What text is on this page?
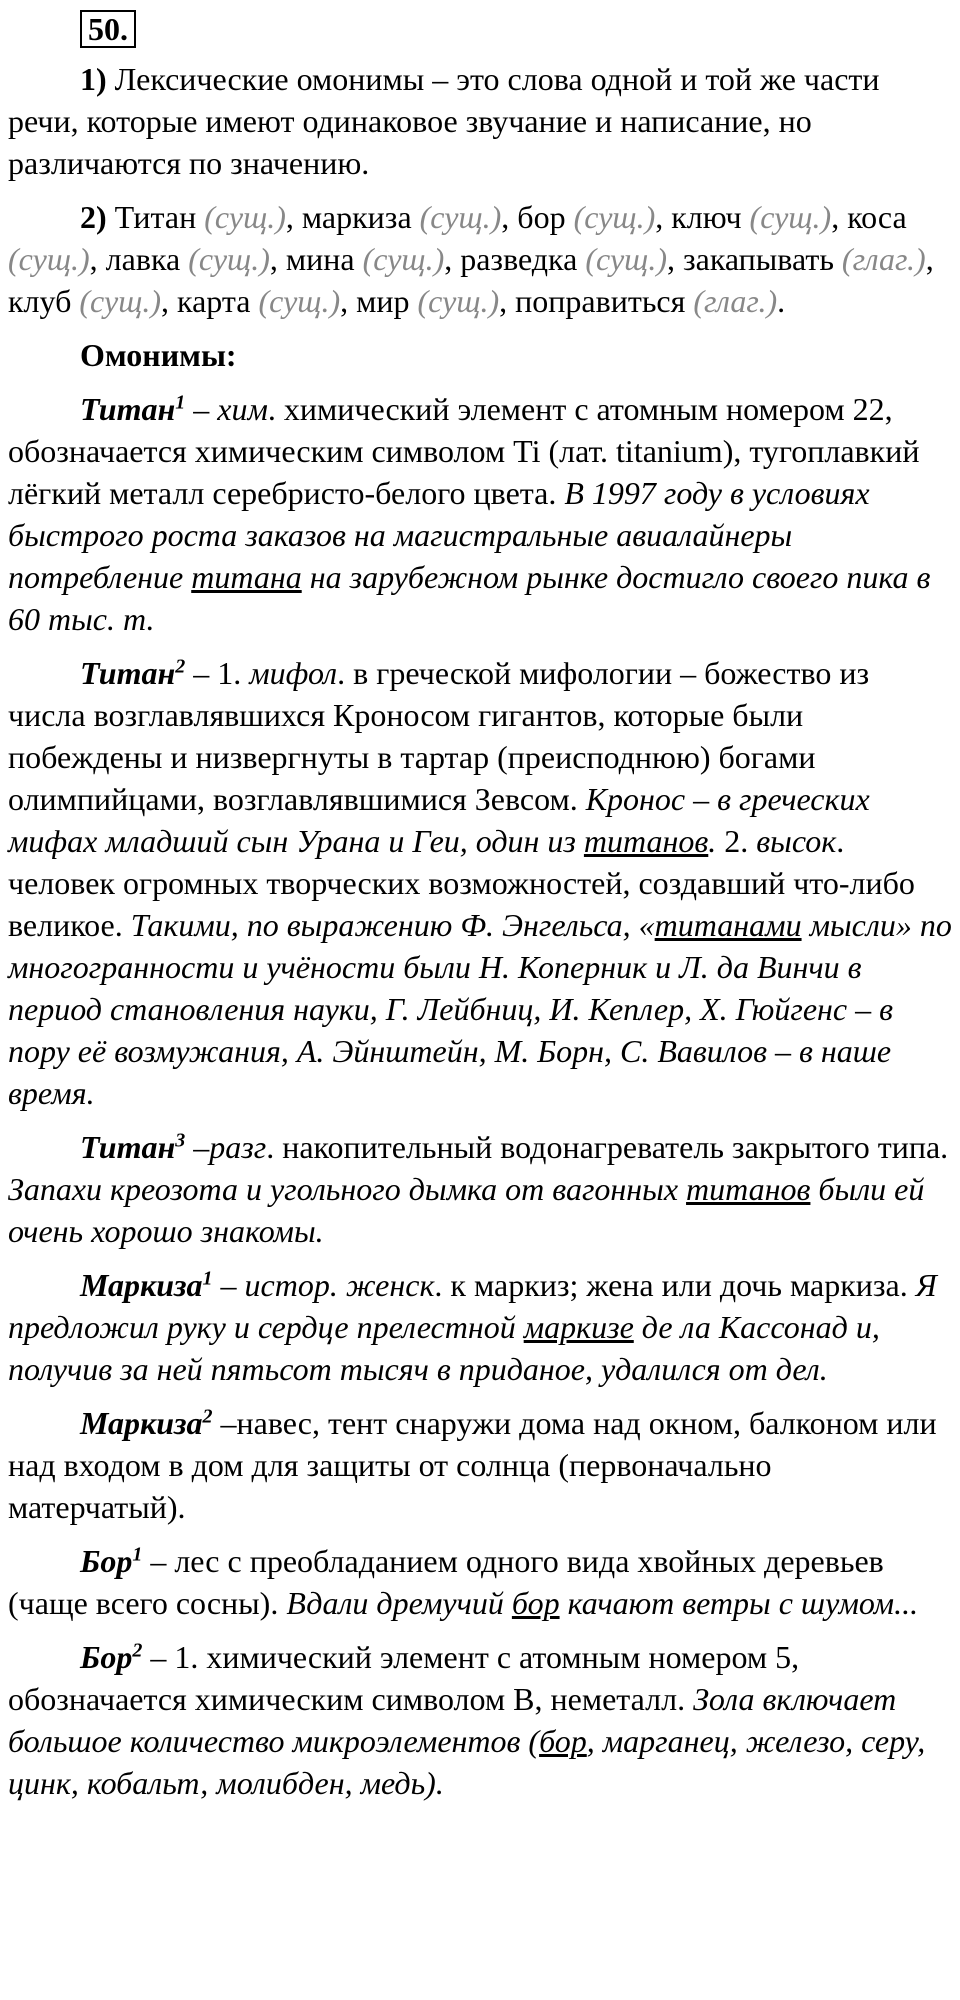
50.

1) Лексические омонимы – это слова одной и той же части речи, которые имеют одинаковое звучание и написание, но различаются по значению.

2) Титан (сущ.), маркиза (сущ.), бор (сущ.), ключ (сущ.), коса (сущ.), лавка (сущ.), мина (сущ.), разведка (сущ.), закапывать (глаг.), клуб (сущ.), карта (сущ.), мир (сущ.), поправиться (глаг.).

Омонимы:

Титан$^1$ – хим. химический элемент с атомным номером 22, обозначается химическим символом Ti (лат. titanium), тугоплавкий лёгкий металл серебристо-белого цвета. В 1997 году в условиях быстрого роста заказов на магистральные авиалайнеры потребление титана на зарубежном рынке достигло своего пика в 60 тыс. т.

Титан$^2$ – 1. мифол. в греческой мифологии – божество из числа возглавлявшихся Кроносом гигантов, которые были побеждены и низвергнуты в тартар (преисподнюю) богами олимпийцами, возглавлявшимися Зевсом. Кронос – в греческих мифах младший сын Урана и Геи, один из титанов. 2. высок. человек огромных творческих возможностей, создавший что-либо великое. Такими, по выражению Ф. Энгельса, «титанами мысли» по многогранности и учёности были Н. Коперник и Л. да Винчи в период становления науки, Г. Лейбниц, И. Кеплер, Х. Гюйгенс – в пору её возмужания, А. Эйнштейн, М. Борн, С. Вавилов – в наше время.

Титан$^3$ –разг. накопительный водонагреватель закрытого типа. Запахи креозота и угольного дымка от вагонных титанов были ей очень хорошо знакомы.

Маркиза$^1$ – истор. женск. к маркиз; жена или дочь маркиза. Я предложил руку и сердце прелестной маркизе де ла Кассонад и, получив за ней пятьсот тысяч в приданое, удалился от дел.

Маркиза$^2$ –навес, тент снаружи дома над окном, балконом или над входом в дом для защиты от солнца (первоначально матерчатый).

Бор$^1$ – лес с преобладанием одного вида хвойных деревьев (чаще всего сосны). Вдали дремучий бор качают ветры с шумом...

Бор$^2$ – 1. химический элемент с атомным номером 5, обозначается химическим символом В, неметалл. Зола включает большое количество микроэлементов (бор, марганец, железо, серу, цинк, кобальт, молибден, медь).
